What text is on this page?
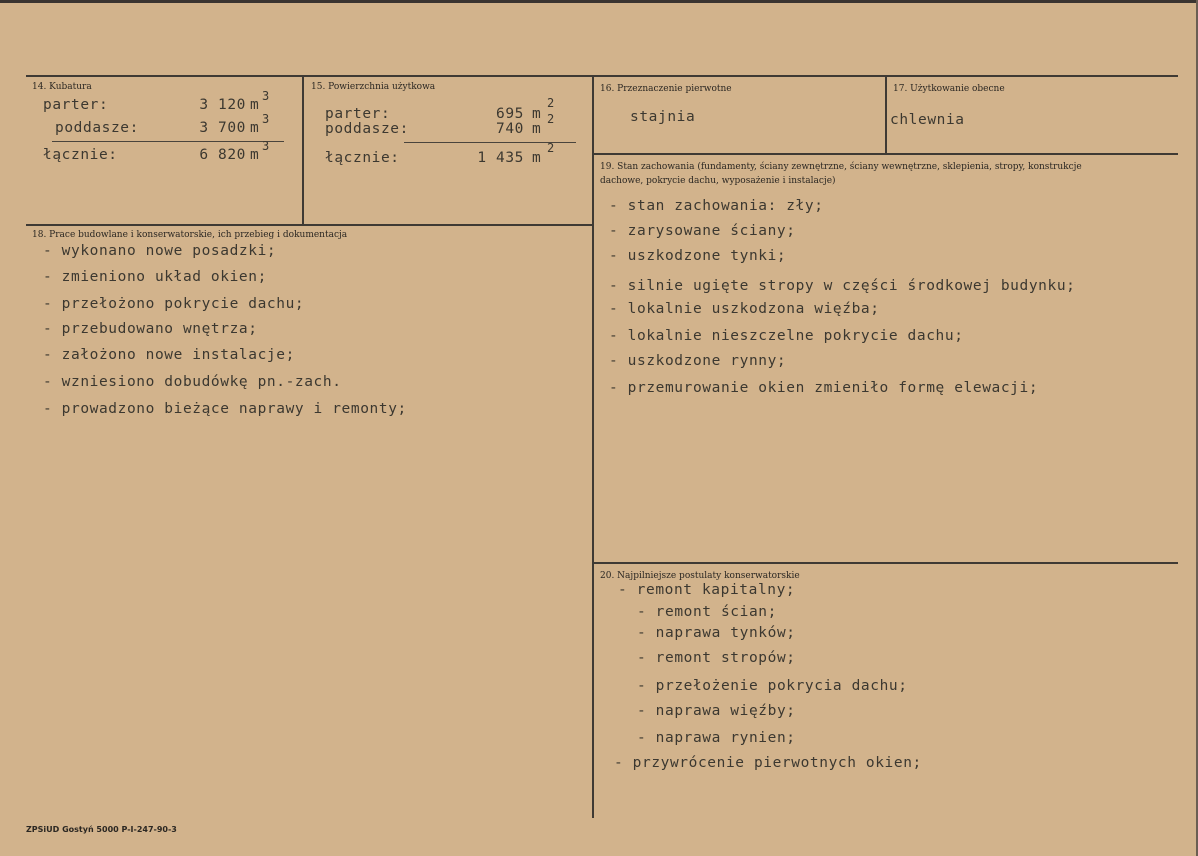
14. Kubatura
parter:	3 120 m
3
poddasze:	3 700 m
3
łącznie:	6 820 m
3
15. Powierzchnia użytkowa
parter:	695 m
2
poddasze:	740 m
2
łącznie:	1 435 m
2
16. Przeznaczenie pierwotne
stajnia
17. Użytkowanie obecne
chlewnia
18. Prace budowlane i konserwatorskie, ich przebieg i dokumentacja
- wykonano nowe posadzki;
- zmieniono układ okien;
- przełożono pokrycie dachu;
- przebudowano wnętrza;
- założono nowe instalacje;
- wzniesiono dobudówkę pn.-zach.
- prowadzono bieżące naprawy i remonty;
19. Stan zachowania (fundamenty, ściany zewnętrzne, ściany wewnętrzne, sklepienia, stropy, konstrukcje dachowe, pokrycie dachu, wyposażenie i instalacje)
- stan zachowania: zły;
- zarysowane ściany;
- uszkodzone tynki;
- silnie ugięte stropy w części środkowej budynku;
- lokalnie uszkodzona więźba;
- lokalnie nieszczelne pokrycie dachu;
- uszkodzone rynny;
- przemurowanie okien zmieniło formę elewacji;
20. Najpilniejsze postulaty konserwatorskie
- remont kapitalny;
- remont ścian;
- naprawa tynków;
- remont stropów;
- przełożenie pokrycia dachu;
- naprawa więźby;
- naprawa rynien;
- przywrócenie pierwotnych okien;
ZPSiUD Gostyń 5000 P-I-247-90-3
